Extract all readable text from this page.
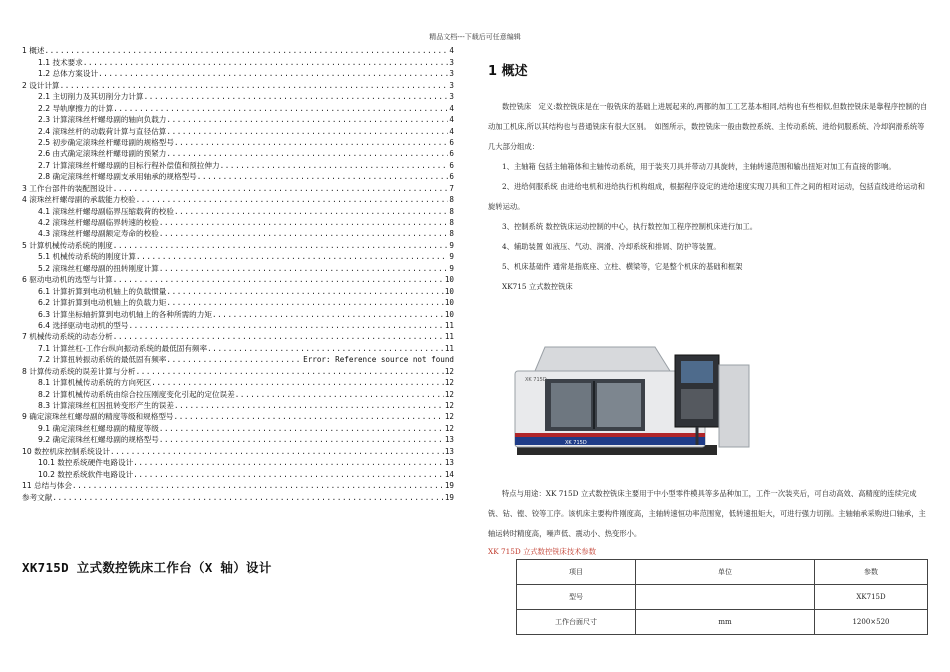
精品文档---下载后可任意编辑
1 概述 .....	4
1.1 技术要求 .....	3
1.2 总体方案设计 .....	3
2 设计计算 .....	3
2.1 主切削力及其切削分力计算 .....	3
2.2 导轨摩擦力的计算 .....	4
2.3 计算滚珠丝杆螺母副的轴向负载力 .....	4
2.4 滚珠丝杆的动载荷计算与直径估算 .....	4
2.5 初步确定滚珠丝杆螺母副的规格型号 .....	6
2.6 由式确定滚珠丝杆螺母副的预紧力 .....	6
2.7 计算滚珠丝杆螺母副的目标行程补偿值和预拉伸力 .....	6
2.8 确定滚珠丝杆螺母副支承用轴承的规格型号 .....	6
3 工作台部件的装配图设计 .....	7
4 滚珠丝杆螺母副的承载能力校验 .....	8
4.1 滚珠丝杆螺母副临界压缩载荷的校验 .....	8
4.2 滚珠丝杆螺母副临界转速的校验 .....	8
4.3 滚珠丝杆螺母副额定寿命的校验 .....	8
5 计算机械传动系统的刚度 .....	9
5.1 机械传动系统的刚度计算 .....	9
5.2 滚珠丝杠螺母副的扭转刚度计算 .....	9
6 驱动电动机的选型与计算 .....	10
6.1 计算折算到电动机轴上的负载惯量 .....	10
6.2 计算折算到电动机轴上的负载力矩 .....	10
6.3 计算坐标轴折算到电动机轴上的各种所需的力矩 .....	10
6.4 选择驱动电动机的型号 .....	11
7 机械传动系统的动态分析 .....	11
7.1 计算丝杠-工作台纵向振动系统的最低固有频率 .....	11
7.2 计算扭转振动系统的最低固有频率 .....	Error: Reference source not found
8 计算传动系统的误差计算与分析 .....	12
8.1 计算机械传动系统的方向死区 .....	12
8.2 计算机械传动系统由综合拉压刚度变化引起的定位误差 .....	12
8.3 计算滚珠丝杠因扭转变形产生的误差 .....	12
9 确定滚珠丝杠螺母副的精度等级和规格型号 .....	12
9.1 确定滚珠丝杠螺母副的精度等级 .....	12
9.2 确定滚珠丝杠螺母副的规格型号 .....	13
10 数控机床控制系统设计 .....	13
10.1 数控系统硬件电路设计 .....	13
10.2 数控系统软件电路设计 .....	14
11 总结与体会 .....	19
参考文献 .....	19
XK715D 立式数控铣床工作台（X 轴）设计
1 概述

数控铣床　定义:数控铣床是在一般铣床的基础上进展起来的,两都的加工工艺基本相同,结构也有些相似,但数控铣床是靠程序控制的自动加工机床,所以其结构也与普通铣床有很大区别。　如图所示，数控铣床一般由数控系统、主传动系统、进给伺服系统、冷却润滑系统等几大部分组成：

1、主轴箱 包括主轴箱体和主轴传动系统，用于装夹刀具并带动刀具旋转，主轴转速范围和输出扭矩对加工有直接的影响。

2、进给伺服系统 由进给电机和进给执行机构组成，根据程序设定的进给速度实现刀具和工件之间的相对运动，包括直线进给运动和旋转运动。

3、控制系统 数控铣床运动控制的中心，执行数控加工程序控制机床进行加工。

4、辅助装置 如液压、气动、润滑、冷却系统和排屑、防护等装置。

5、机床基础件 通常是指底座、立柱、横梁等，它是整个机床的基础和框架

XK715 立式数控铣床
XK 715D
XK 715D

特点与用途：XK 715D 立式数控铣床主要用于中小型零件模具等多品种加工，工件一次装夹后，可自动高效、高精度的连续完成铣、钻、镗、铰等工序。该机床主要构件刚度高，主轴转速恒功率范围宽，低转速扭矩大，可进行强力切削。主轴轴承采购进口轴承，主轴运转时精度高，噪声低、震动小、热变形小。

XK 715D 立式数控铣床技术参数
项目	单位	参数
型号		XK715D
工作台面尺寸	mm	1200×520
